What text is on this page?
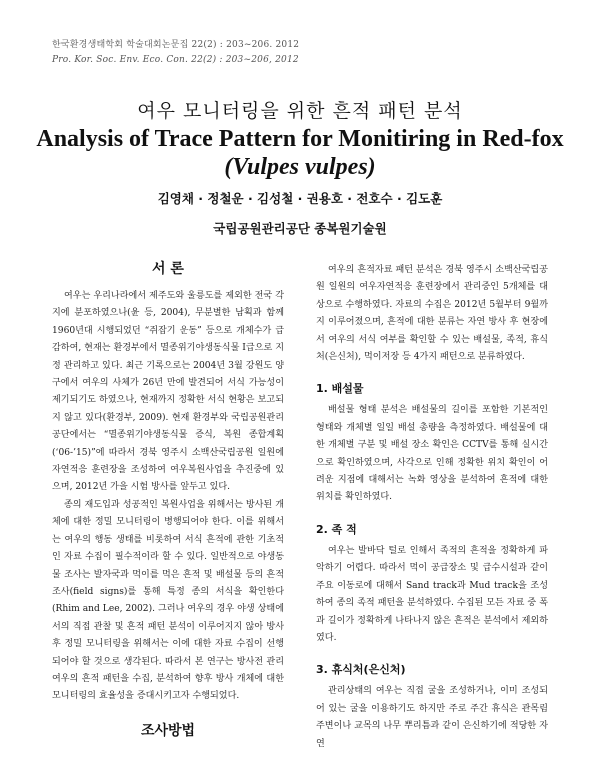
한국환경생태학회 학술대회논문집 22(2) : 203~206. 2012
Pro. Kor. Soc. Env. Eco. Con. 22(2) : 203~206, 2012
여우 모니터링을 위한 흔적 패턴 분석
Analysis of Trace Pattern for Monitiring in Red-fox
(Vulpes vulpes)
김영채 · 정철운 · 김성철 · 권용호 · 전호수 · 김도훈
국립공원관리공단 종복원기술원
서 론

여우는 우리나라에서 제주도와 울릉도를 제외한 전국 각지에 분포하였으나(윤 등, 2004), 무분별한 남획과 함께 1960년대 시행되었던 “쥐잡기 운동” 등으로 개체수가 급감하여, 현재는 환경부에서 멸종위기야생동식물 Ⅰ급으로 지정 관리하고 있다. 최근 기록으로는 2004년 3월 강원도 양구에서 여우의 사체가 26년 만에 발견되어 서식 가능성이 제기되기도 하였으나, 현재까지 정확한 서식 현황은 보고되지 않고 있다(환경부, 2009). 현재 환경부와 국립공원관리공단에서는 “멸종위기야생동식물 증식, 복원 종합계획(‘06-’15)”에 따라서 경북 영주시 소백산국립공원 일원에 자연적응 훈련장을 조성하여 여우복원사업을 추진중에 있으며, 2012년 가을 시험 방사를 앞두고 있다.

종의 재도입과 성공적인 복원사업을 위해서는 방사된 개체에 대한 정밀 모니터링이 병행되어야 한다. 이를 위해서는 여우의 행동 생태를 비롯하여 서식 흔적에 관한 기초적인 자료 수집이 필수적이라 할 수 있다. 일반적으로 야생동물 조사는 발자국과 먹이를 먹은 흔적 및 배설물 등의 흔적조사(field signs)를 통해 특정 종의 서식을 확인한다(Rhim and Lee, 2002). 그러나 여우의 경우 야생 상태에서의 직접 관찰 및 흔적 패턴 분석이 이루어지지 않아 방사 후 정밀 모니터링을 위해서는 이에 대한 자료 수집이 선행되어야 할 것으로 생각된다. 따라서 본 연구는 방사전 관리 여우의 흔적 패턴을 수집, 분석하여 향후 방사 개체에 대한 모니터링의 효율성을 증대시키고자 수행되었다.

조사방법

여우의 흔적자료 패턴 분석은 경북 영주시 소백산국립공원 일원의 여우자연적응 훈련장에서 관리중인 5개체를 대상으로 수행하였다. 자료의 수집은 2012년 5월부터 9월까지 이루어졌으며, 흔적에 대한 분류는 자연 방사 후 현장에서 여우의 서식 여부를 확인할 수 있는 배설물, 족적, 휴식처(은신처), 먹이저장 등 4가지 패턴으로 분류하였다.

1. 배설물

배설물 형태 분석은 배설물의 길이를 포함한 기본적인 형태와 개체별 일일 배설 총량을 측정하였다. 배설물에 대한 개체별 구분 및 배설 장소 확인은 CCTV를 통해 실시간으로 확인하였으며, 사각으로 인해 정확한 위치 확인이 어려운 지점에 대해서는 녹화 영상을 분석하여 흔적에 대한 위치를 확인하였다.

2. 족 적

여우는 발바닥 털로 인해서 족적의 흔적을 정확하게 파악하기 어렵다. 따라서 먹이 공급장소 및 급수시설과 같이 주요 이동로에 대해서 Sand track과 Mud track을 조성하여 종의 족적 패턴을 분석하였다. 수집된 모든 자료 중 폭과 길이가 정확하게 나타나지 않은 흔적은 분석에서 제외하였다.

3. 휴식처(은신처)

관리상태의 여우는 직접 굴을 조성하거나, 이미 조성되어 있는 굴을 이용하기도 하지만 주로 주간 휴식은 관목림 주변이나 교목의 나무 뿌리틈과 같이 은신하기에 적당한 자연
